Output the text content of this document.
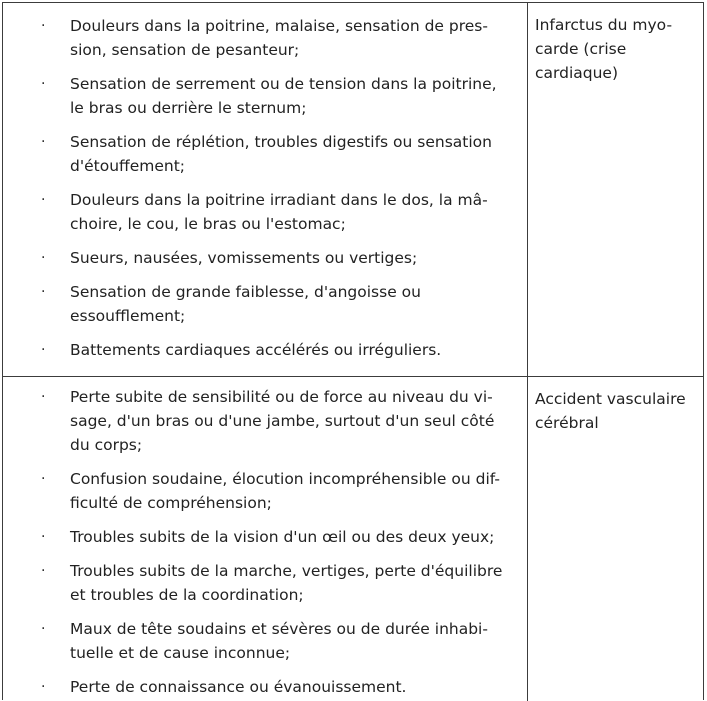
· Douleurs dans la poitrine, malaise, sensation de pres-
sion, sensation de pesanteur;
· Sensation de serrement ou de tension dans la poitrine,
le bras ou derrière le sternum;
· Sensation de réplétion, troubles digestifs ou sensation
d'étouffement;
· Douleurs dans la poitrine irradiant dans le dos, la mâ-
choire, le cou, le bras ou l'estomac;
· Sueurs, nausées, vomissements ou vertiges;
· Sensation de grande faiblesse, d'angoisse ou
essoufflement;
· Battements cardiaques accélérés ou irréguliers.
Infarctus du myo-
carde (crise
cardiaque)
· Perte subite de sensibilité ou de force au niveau du vi-
sage, d'un bras ou d'une jambe, surtout d'un seul côté
du corps;
· Confusion soudaine, élocution incompréhensible ou dif-
ficulté de compréhension;
· Troubles subits de la vision d'un œil ou des deux yeux;
· Troubles subits de la marche, vertiges, perte d'équilibre
et troubles de la coordination;
· Maux de tête soudains et sévères ou de durée inhabi-
tuelle et de cause inconnue;
· Perte de connaissance ou évanouissement.
Accident vasculaire
cérébral
